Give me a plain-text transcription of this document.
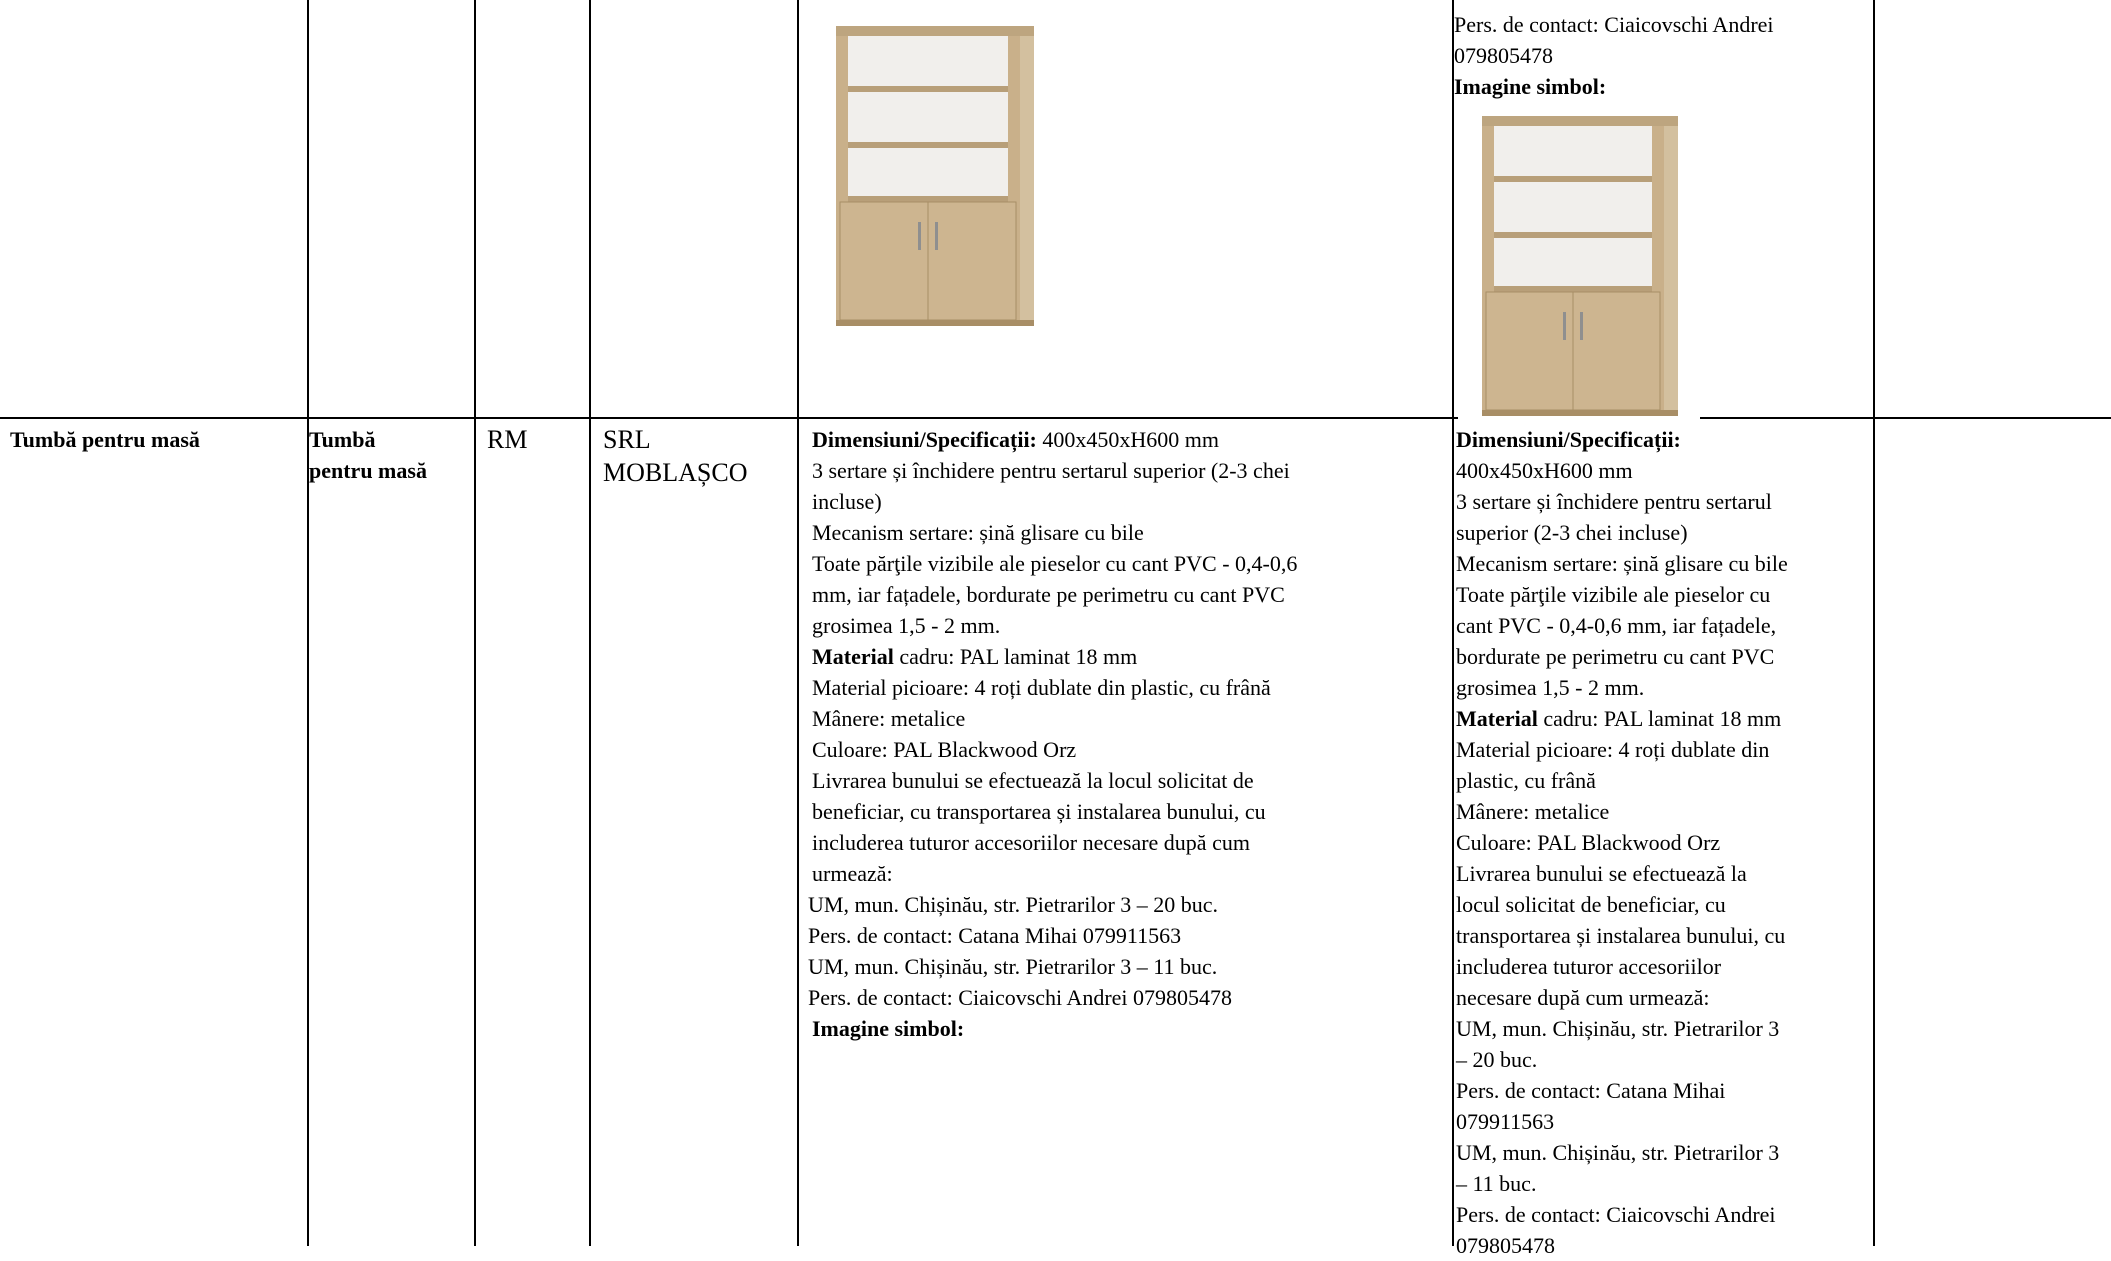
Pers. de contact: Ciaicovschi Andrei
079805478
Imagine simbol:
Tumbă pentru masă	Tumbă
pentru masă
RM	SRL
MOBLAȘCO
Dimensiuni/Specificații: 400x450xH600 mm
3 sertare și închidere pentru sertarul superior (2-3 chei
incluse)
Mecanism sertare: șină glisare cu bile
Toate părţile vizibile ale pieselor cu cant PVC - 0,4-0,6
mm, iar fațadele, bordurate pe perimetru cu cant PVC
grosimea 1,5 - 2 mm.
Material cadru: PAL laminat 18 mm
Material picioare: 4 roți dublate din plastic, cu frână
Mânere: metalice
Culoare: PAL Blackwood Orz
Livrarea bunului se efectuează la locul solicitat de
beneficiar, cu transportarea și instalarea bunului, cu
includerea tuturor accesoriilor necesare după cum
urmează:
UM, mun. Chișinău, str. Pietrarilor 3 – 20 buc.
Pers. de contact: Catana Mihai 079911563
UM, mun. Chișinău, str. Pietrarilor 3 – 11 buc.
Pers. de contact: Ciaicovschi Andrei 079805478
Imagine simbol:
Dimensiuni/Specificații:
400x450xH600 mm
3 sertare și închidere pentru sertarul
superior (2-3 chei incluse)
Mecanism sertare: șină glisare cu bile
Toate părţile vizibile ale pieselor cu
cant PVC - 0,4-0,6 mm, iar fațadele,
bordurate pe perimetru cu cant PVC
grosimea 1,5 - 2 mm.
Material cadru: PAL laminat 18 mm
Material picioare: 4 roți dublate din
plastic, cu frână
Mânere: metalice
Culoare: PAL Blackwood Orz
Livrarea bunului se efectuează la
locul solicitat de beneficiar, cu
transportarea și instalarea bunului, cu
includerea tuturor accesoriilor
necesare după cum urmează:
UM, mun. Chișinău, str. Pietrarilor 3
– 20 buc.
Pers. de contact: Catana Mihai
079911563
UM, mun. Chișinău, str. Pietrarilor 3
– 11 buc.
Pers. de contact: Ciaicovschi Andrei
079805478
